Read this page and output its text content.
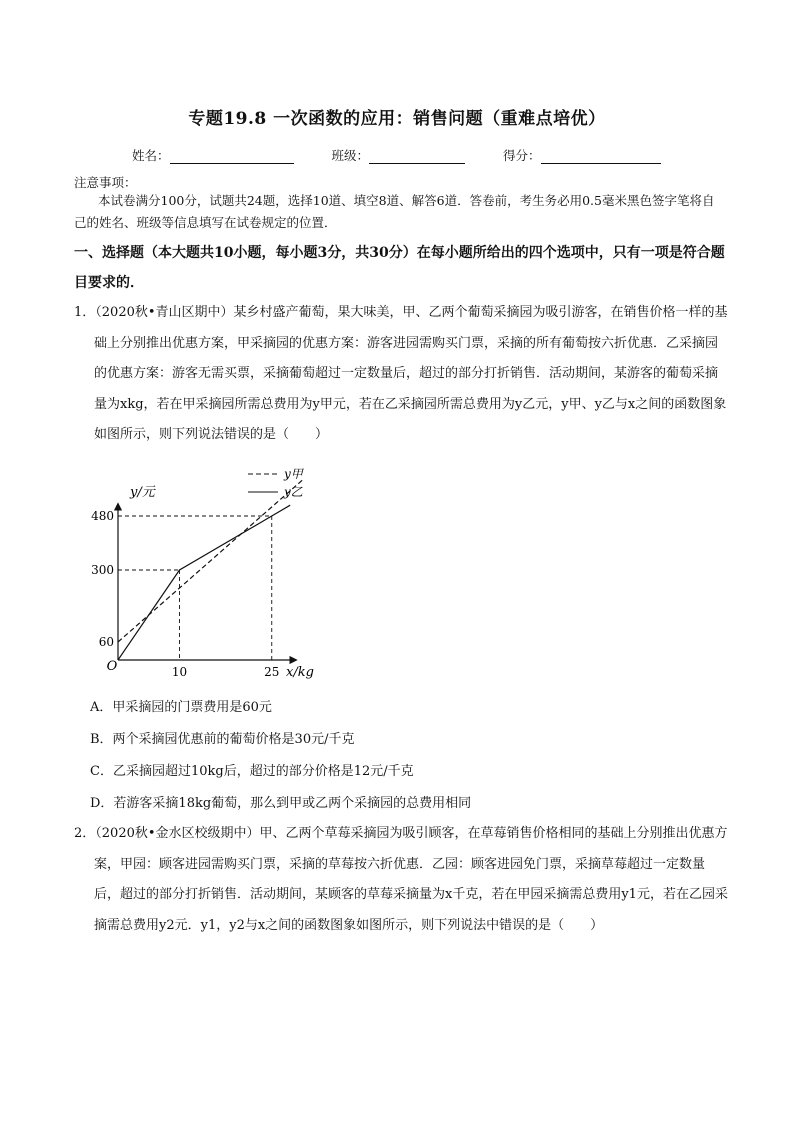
专题19.8 一次函数的应用：销售问题（重难点培优）
姓名：	班级：	得分：
注意事项：
本试卷满分100分，试题共24题，选择10道、填空8道、解答6道．答卷前，考生务必用0.5毫米黑色签字笔将自己的姓名、班级等信息填写在试卷规定的位置．
一、选择题（本大题共10小题，每小题3分，共30分）在每小题所给出的四个选项中，只有一项是符合题目要求的．
1．（2020秋•青山区期中）某乡村盛产葡萄，果大味美，甲、乙两个葡萄采摘园为吸引游客，在销售价格一样的基础上分别推出优惠方案，甲采摘园的优惠方案：游客进园需购买门票，采摘的所有葡萄按六折优惠．乙采摘园的优惠方案：游客无需买票，采摘葡萄超过一定数量后，超过的部分打折销售．活动期间，某游客的葡萄采摘量为xkg，若在甲采摘园所需总费用为y甲元，若在乙采摘园所需总费用为y乙元，y甲、y乙与x之间的函数图象如图所示，则下列说法错误的是（　　）
y/元
x/kg
O
60
300
480
10	25
y甲
y乙
A．甲采摘园的门票费用是60元
B．两个采摘园优惠前的葡萄价格是30元/千克
C．乙采摘园超过10kg后，超过的部分价格是12元/千克
D．若游客采摘18kg葡萄，那么到甲或乙两个采摘园的总费用相同
2．（2020秋•金水区校级期中）甲、乙两个草莓采摘园为吸引顾客，在草莓销售价格相同的基础上分别推出优惠方案，甲园：顾客进园需购买门票，采摘的草莓按六折优惠．乙园：顾客进园免门票，采摘草莓超过一定数量后，超过的部分打折销售．活动期间，某顾客的草莓采摘量为x千克，若在甲园采摘需总费用y1元，若在乙园采摘需总费用y2元．y1，y2与x之间的函数图象如图所示，则下列说法中错误的是（　　）
